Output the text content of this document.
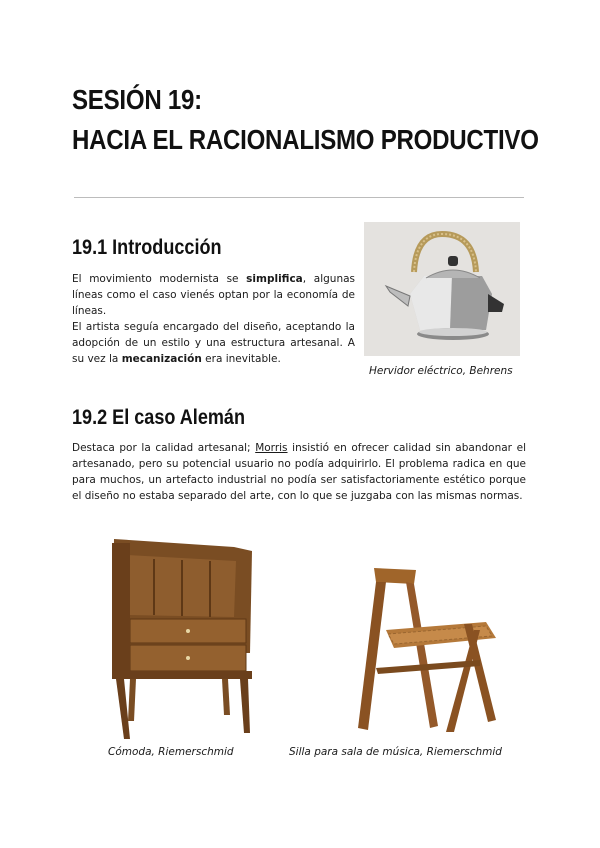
SESIÓN 19:
HACIA EL RACIONALISMO PRODUCTIVO
19.1 Introducción

El movimiento modernista se simplifica, algunas líneas como el caso vienés optan por la economía de líneas.

El artista seguía encargado del diseño, aceptando la adopción de un estilo y una estructura artesanal. A su vez la mecanización era inevitable.

Hervidor eléctrico, Behrens
19.2 El caso Alemán

Destaca por la calidad artesanal; Morris insistió en ofrecer calidad sin abandonar el artesanado, pero su potencial usuario no podía adquirirlo. El problema radica en que para muchos, un artefacto industrial no podía ser satisfactoriamente estético porque el diseño no estaba separado del arte, con lo que se juzgaba con las mismas normas.

Cómoda, Riemerschmid	Silla para sala de música, Riemerschmid
